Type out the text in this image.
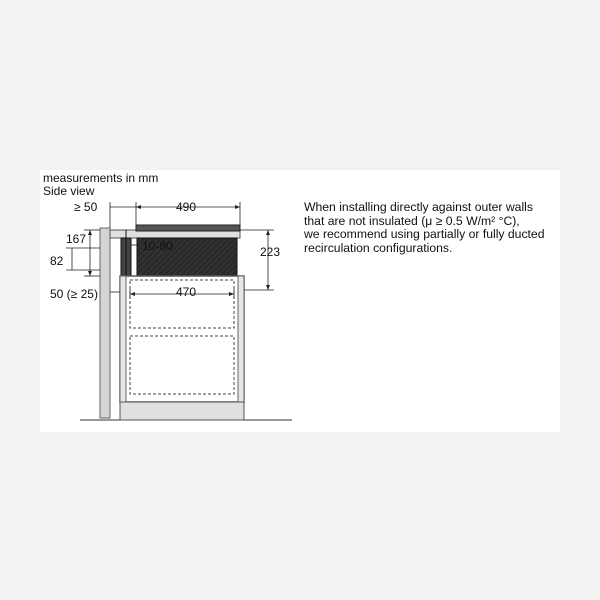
measurements in mm
Side view
≥ 50	490
167	10-80
82
223
470
50 (≥ 25)
When installing directly against outer walls
that are not insulated (μ ≥ 0.5 W/m² °C),
we recommend using partially or fully ducted
recirculation configurations.
